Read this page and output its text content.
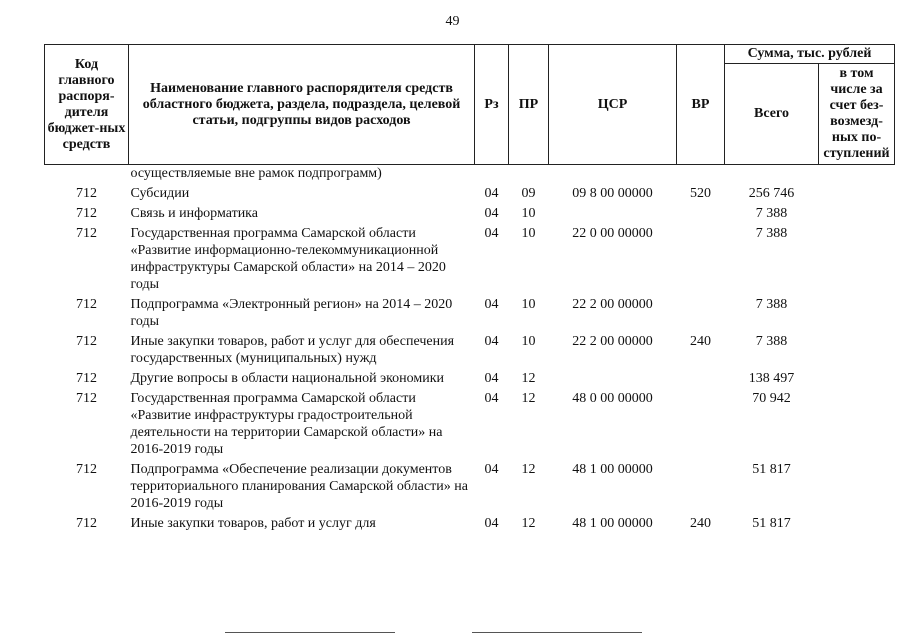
49
Код главного распоря-дителя бюджет-ных средств	Наименование главного распорядителя средств областного бюджета, раздела, подраздела, целевой статьи, подгруппы видов расходов	Рз	ПР	ЦСР	ВР	Сумма, тыс. рублей	
						Всего	в том числе за счет без-возмезд-ных по-ступлений
	осуществляемые вне рамок подпрограмм)						
712	Субсидии	04	09	09 8 00 00000	520	256 746	
712	Связь и информатика	04	10			7 388	
712	Государственная программа Самарской области «Развитие информационно-телекоммуникационной инфраструктуры Самарской области» на 2014 – 2020 годы	04	10	22 0 00 00000		7 388	
712	Подпрограмма «Электронный регион» на 2014 – 2020 годы	04	10	22 2 00 00000		7 388	
712	Иные закупки товаров, работ и услуг для обеспечения государственных (муниципальных) нужд	04	10	22 2 00 00000	240	7 388	
712	Другие вопросы в области национальной экономики	04	12			138 497	
712	Государственная программа Самарской области «Развитие инфраструктуры градостроительной деятельности на территории Самарской области» на 2016-2019 годы	04	12	48 0 00 00000		70 942	
712	Подпрограмма «Обеспечение реализации документов территориального планирования Самарской области» на 2016-2019 годы	04	12	48 1 00 00000		51 817	
712	Иные закупки товаров, работ и услуг для	04	12	48 1 00 00000	240	51 817	
